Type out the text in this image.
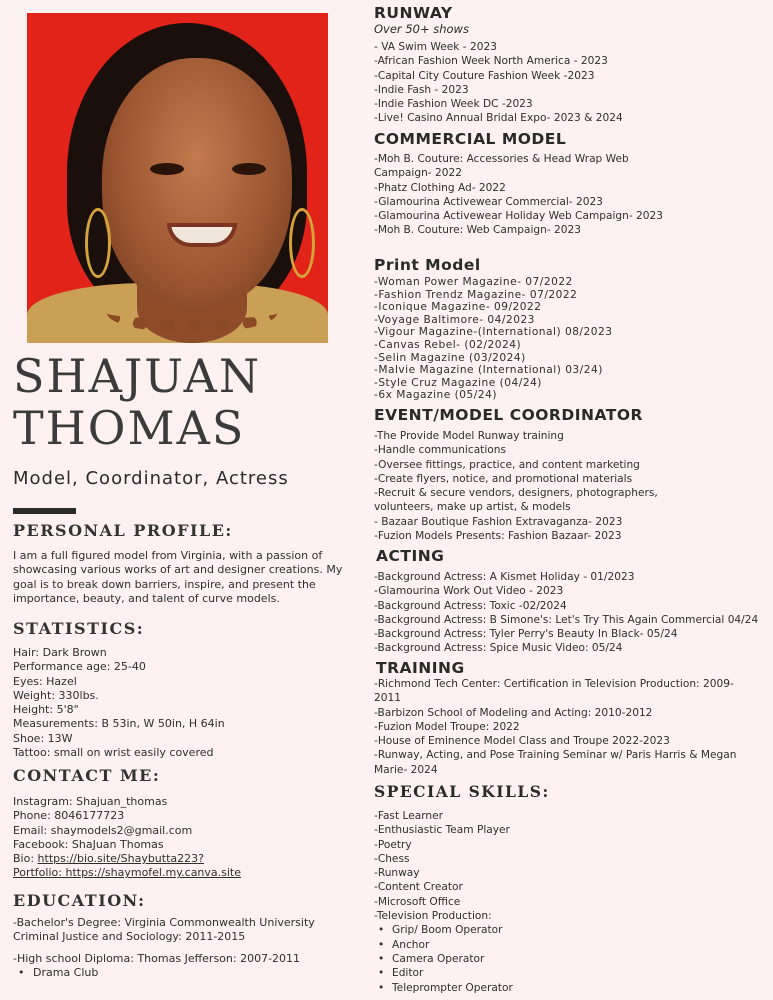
SHAJUAN
THOMAS
Model, Coordinator, Actress
PERSONAL PROFILE:
I am a full figured model from Virginia, with a passion of
showcasing various works of art and designer creations. My
goal is to break down barriers, inspire, and present the
importance, beauty, and talent of curve models.
STATISTICS:
Hair: Dark Brown
Performance age: 25-40
Eyes: Hazel
Weight: 330lbs.
Height: 5'8"
Measurements: B 53in, W 50in, H 64in
Shoe: 13W
Tattoo: small on wrist easily covered
CONTACT ME:
Instagram: Shajuan_thomas
Phone: 8046177723
Email: shaymodels2@gmail.com
Facebook: ShaJuan Thomas
Bio: https://bio.site/Shaybutta223?
Portfolio: https://shaymofel.my.canva.site
EDUCATION:
-Bachelor's Degree: Virginia Commonwealth University
Criminal Justice and Sociology: 2011-2015
-High school Diploma: Thomas Jefferson: 2007-2011
• Drama Club
RUNWAY
Over 50+ shows
- VA Swim Week - 2023
-African Fashion Week North America - 2023
-Capital City Couture Fashion Week -2023
-Indie Fash - 2023
-Indie Fashion Week DC -2023
-Live! Casino Annual Bridal Expo- 2023 & 2024
COMMERCIAL MODEL
-Moh B. Couture: Accessories & Head Wrap Web
Campaign- 2022
-Phatz Clothing Ad- 2022
-Glamourina Activewear Commercial- 2023
-Glamourina Activewear Holiday Web Campaign- 2023
-Moh B. Couture: Web Campaign- 2023
Print Model
-Woman Power Magazine- 07/2022
-Fashion Trendz Magazine- 07/2022
-Iconique Magazine- 09/2022
-Voyage Baltimore- 04/2023
-Vigour Magazine-(International) 08/2023
-Canvas Rebel- (02/2024)
-Selin Magazine (03/2024)
-Malvie Magazine (International) 03/24)
-Style Cruz Magazine (04/24)
-6x Magazine (05/24)
EVENT/MODEL COORDINATOR
-The Provide Model Runway training
-Handle communications
-Oversee fittings, practice, and content marketing
-Create flyers, notice, and promotional materials
-Recruit & secure vendors, designers, photographers,
volunteers, make up artist, & models
- Bazaar Boutique Fashion Extravaganza- 2023
-Fuzion Models Presents: Fashion Bazaar- 2023
ACTING
-Background Actress: A Kismet Holiday - 01/2023
-Glamourina Work Out Video - 2023
-Background Actress: Toxic -02/2024
-Background Actress: B Simone's: Let's Try This Again Commercial 04/24
-Background Actress: Tyler Perry's Beauty In Black- 05/24
-Background Actress: Spice Music Video: 05/24
TRAINING
-Richmond Tech Center: Certification in Television Production: 2009-
2011
-Barbizon School of Modeling and Acting: 2010-2012
-Fuzion Model Troupe: 2022
-House of Eminence Model Class and Troupe 2022-2023
-Runway, Acting, and Pose Training Seminar w/ Paris Harris & Megan
Marie- 2024
SPECIAL SKILLS:
-Fast Learner
-Enthusiastic Team Player
-Poetry
-Chess
-Runway
-Content Creator
-Microsoft Office
-Television Production:
• Grip/ Boom Operator
• Anchor
• Camera Operator
• Editor
• Teleprompter Operator
